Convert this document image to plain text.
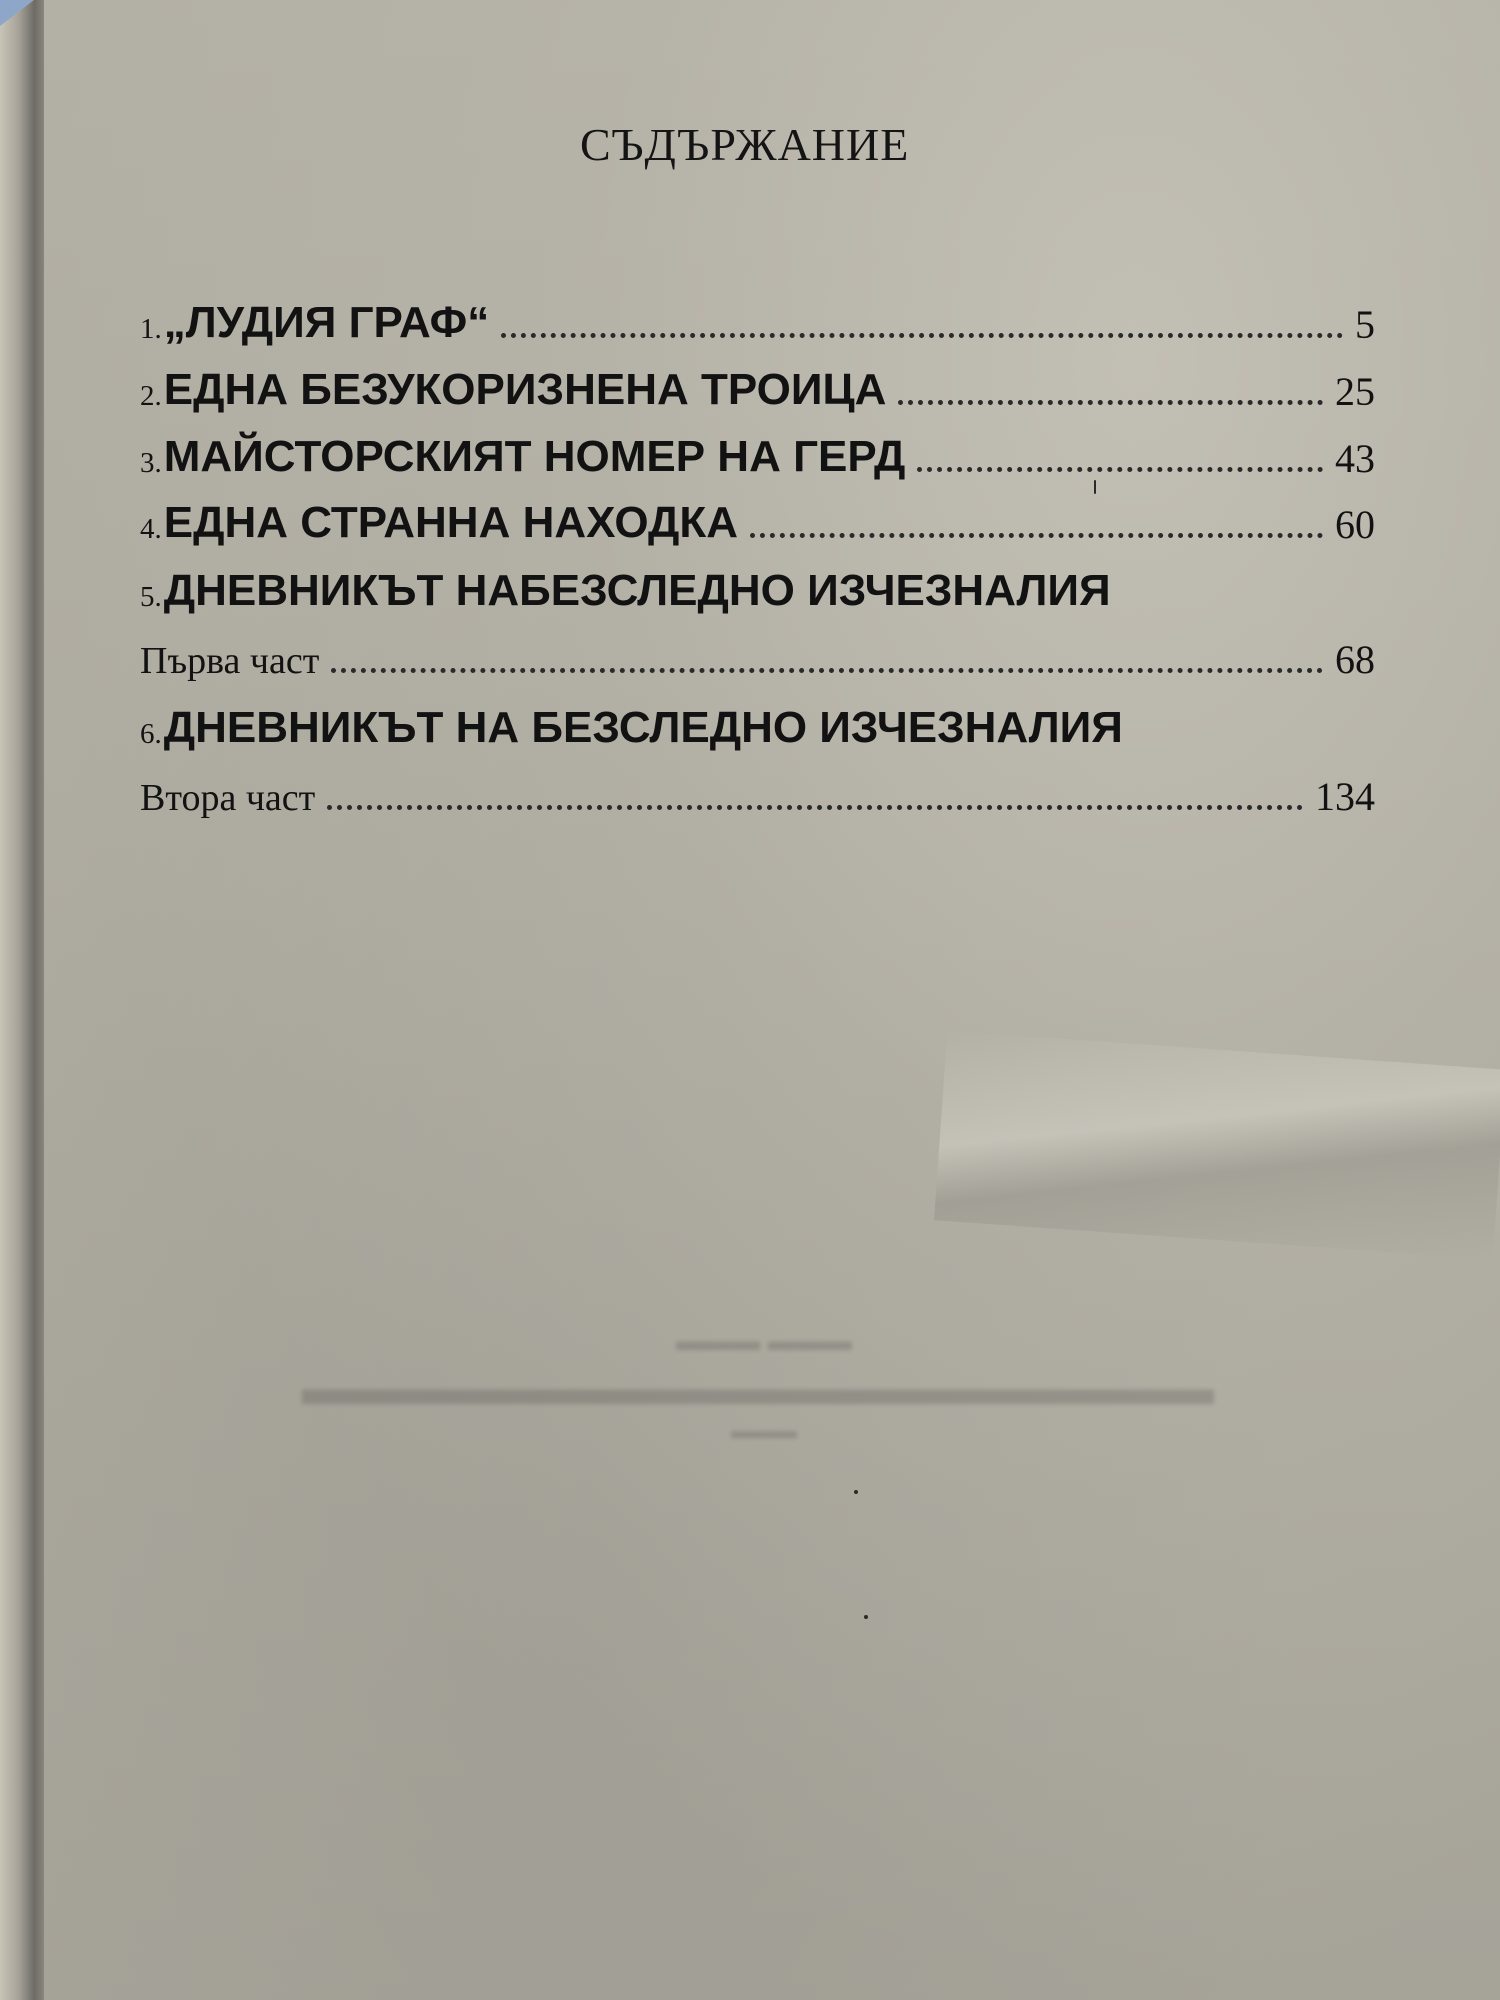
СЪДЪРЖАНИЕ
1. „ЛУДИЯ ГРАФ“	5
2. ЕДНА БЕЗУКОРИЗНЕНА ТРОИЦА	25
3. МАЙСТОРСКИЯТ НОМЕР НА ГЕРД	43
4. ЕДНА СТРАННА НАХОДКА	60
5. ДНЕВНИКЪТ НАБЕЗСЛЕДНО ИЗЧЕЗНАЛИЯ
Първа част	68
6. ДНЕВНИКЪТ НА БЕЗСЛЕДНО ИЗЧЕЗНАЛИЯ
Втора част	134
▬▬▬ ▬▬▬
▬▬▬▬▬▬▬▬▬▬▬▬▬▬▬▬▬▬▬
▬▬▬
